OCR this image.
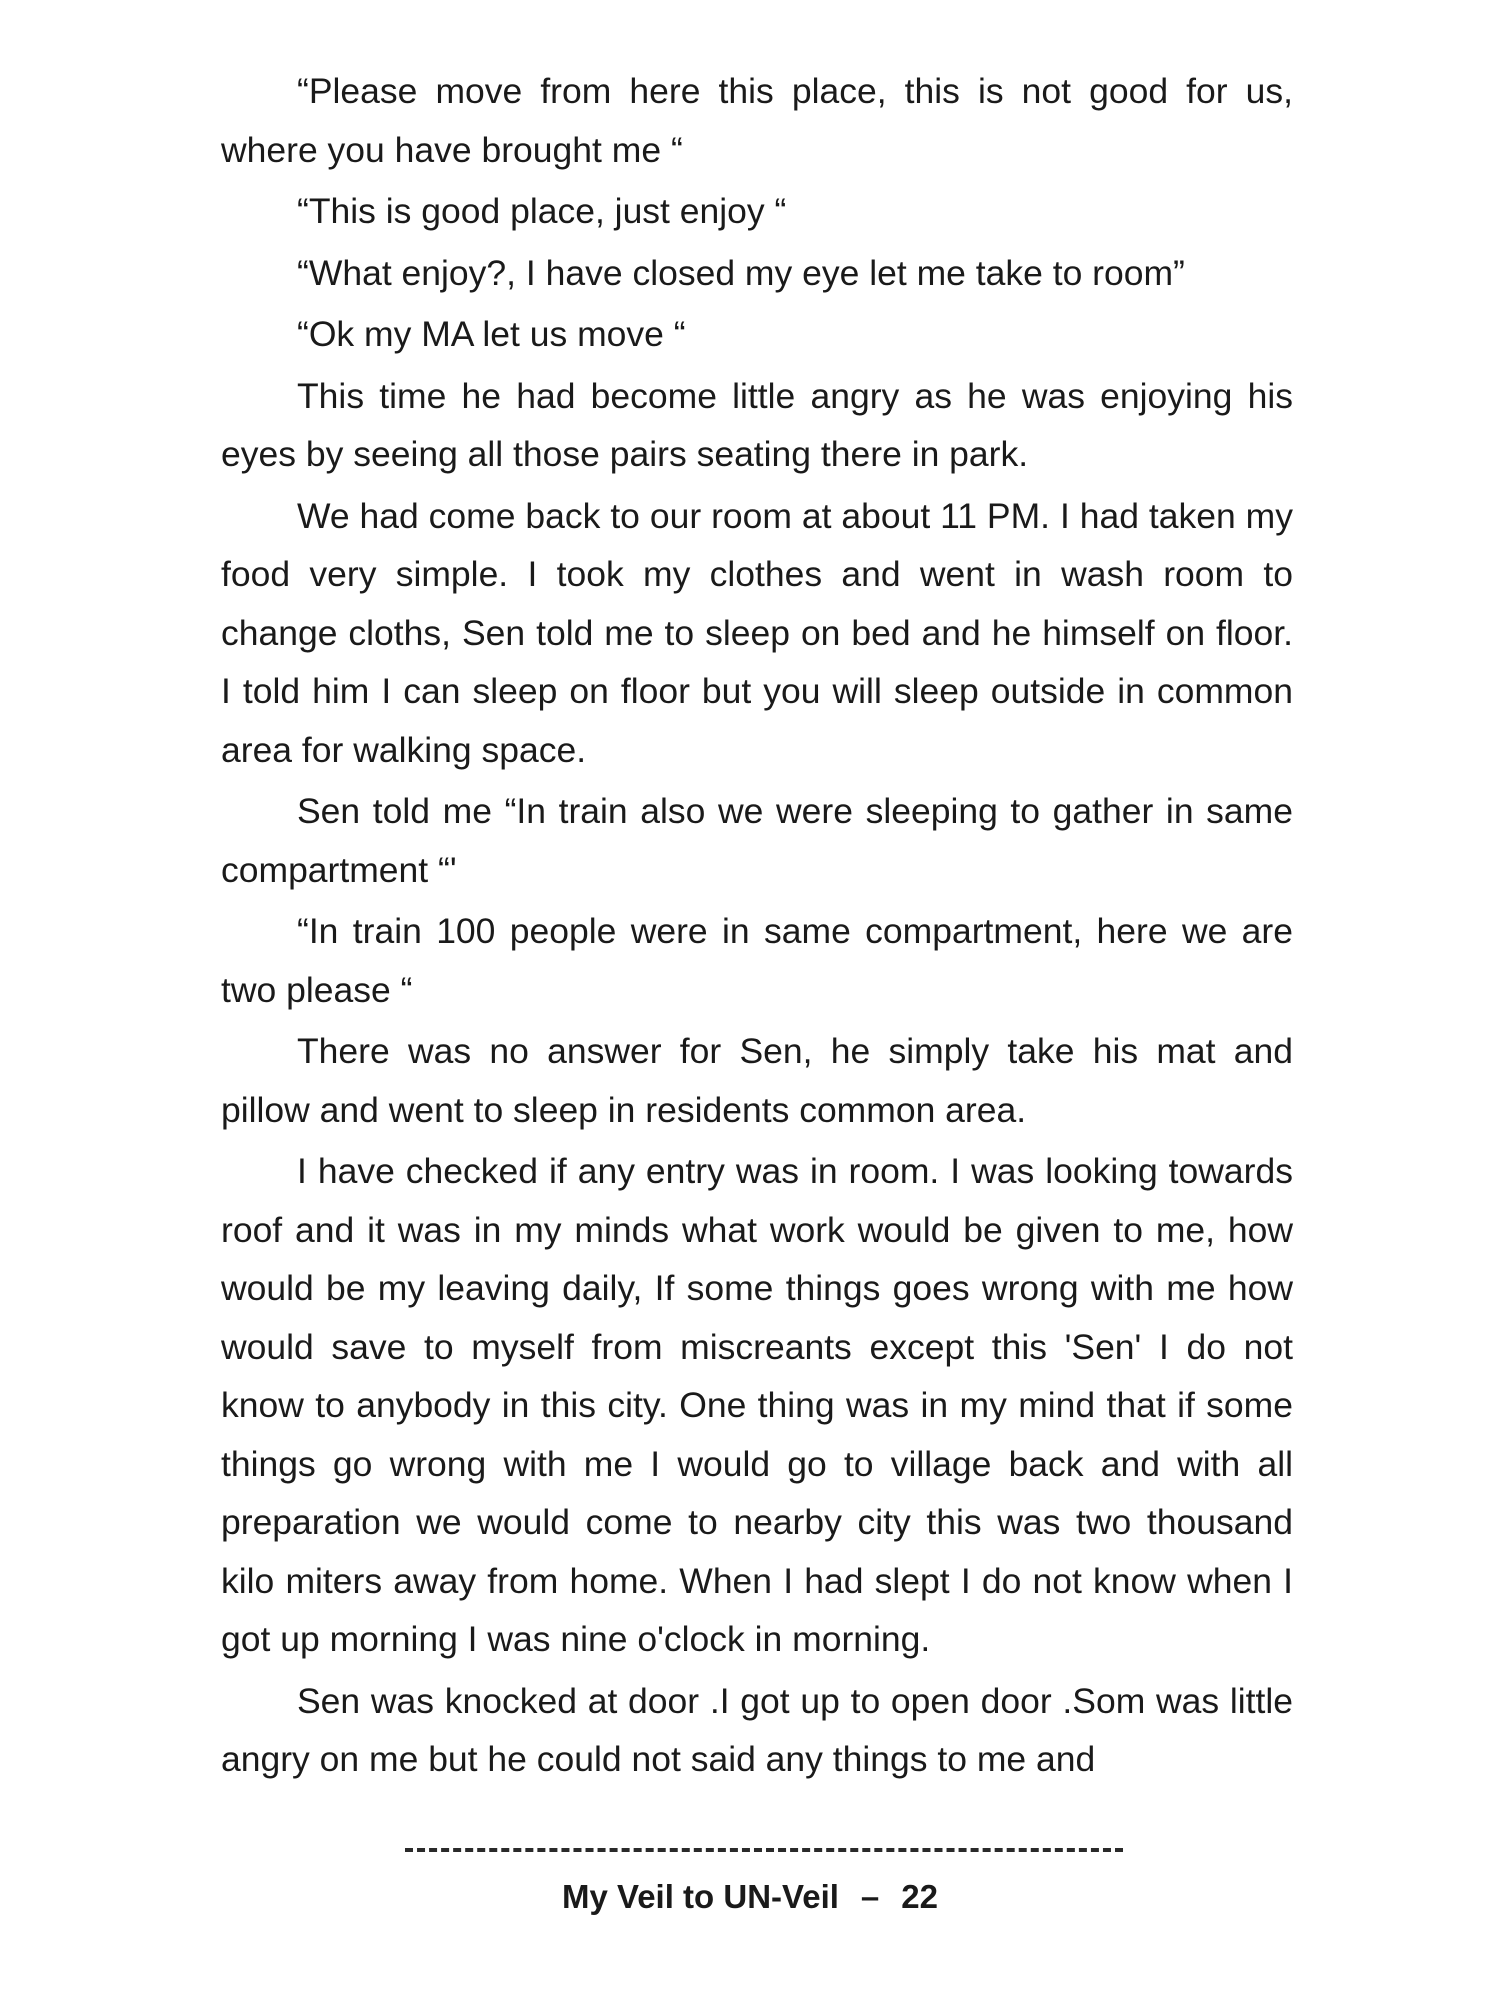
“Please move from here this place, this is not good for us, where you have brought me “

“This is good place, just enjoy “

“What enjoy?, I have closed my eye let me take to room”

“Ok my MA let us move “

This time he had become little angry as he was enjoying his eyes by seeing all those pairs seating there in park.

We had come back to our room at about 11 PM. I had taken my food very simple. I took my clothes and went in wash room to change cloths, Sen told me to sleep on bed and he himself on floor. I told him I can sleep on floor but you will sleep outside in common area for walking space.

Sen told me “In train also we were sleeping to gather in same compartment “'

“In train 100 people were in same compartment, here we are two please “

There was no answer for Sen, he simply take his mat and pillow and went to sleep in residents common area.

I have checked if any entry was in room. I was looking towards roof and it was in my minds what work would be given to me, how would be my leaving daily, If some things goes wrong with me how would save to myself from miscreants except this 'Sen' I do not know to anybody in this city. One thing was in my mind that if some things go wrong with me I would go to village back and with all preparation we would come to nearby city this was two thousand kilo miters away from home. When I had slept I do not know when I got up morning I was nine o'clock in morning.

Sen was knocked at door .I got up to open door .Som was little angry on me but he could not said any things to me and

My Veil to UN-Veil – 22
